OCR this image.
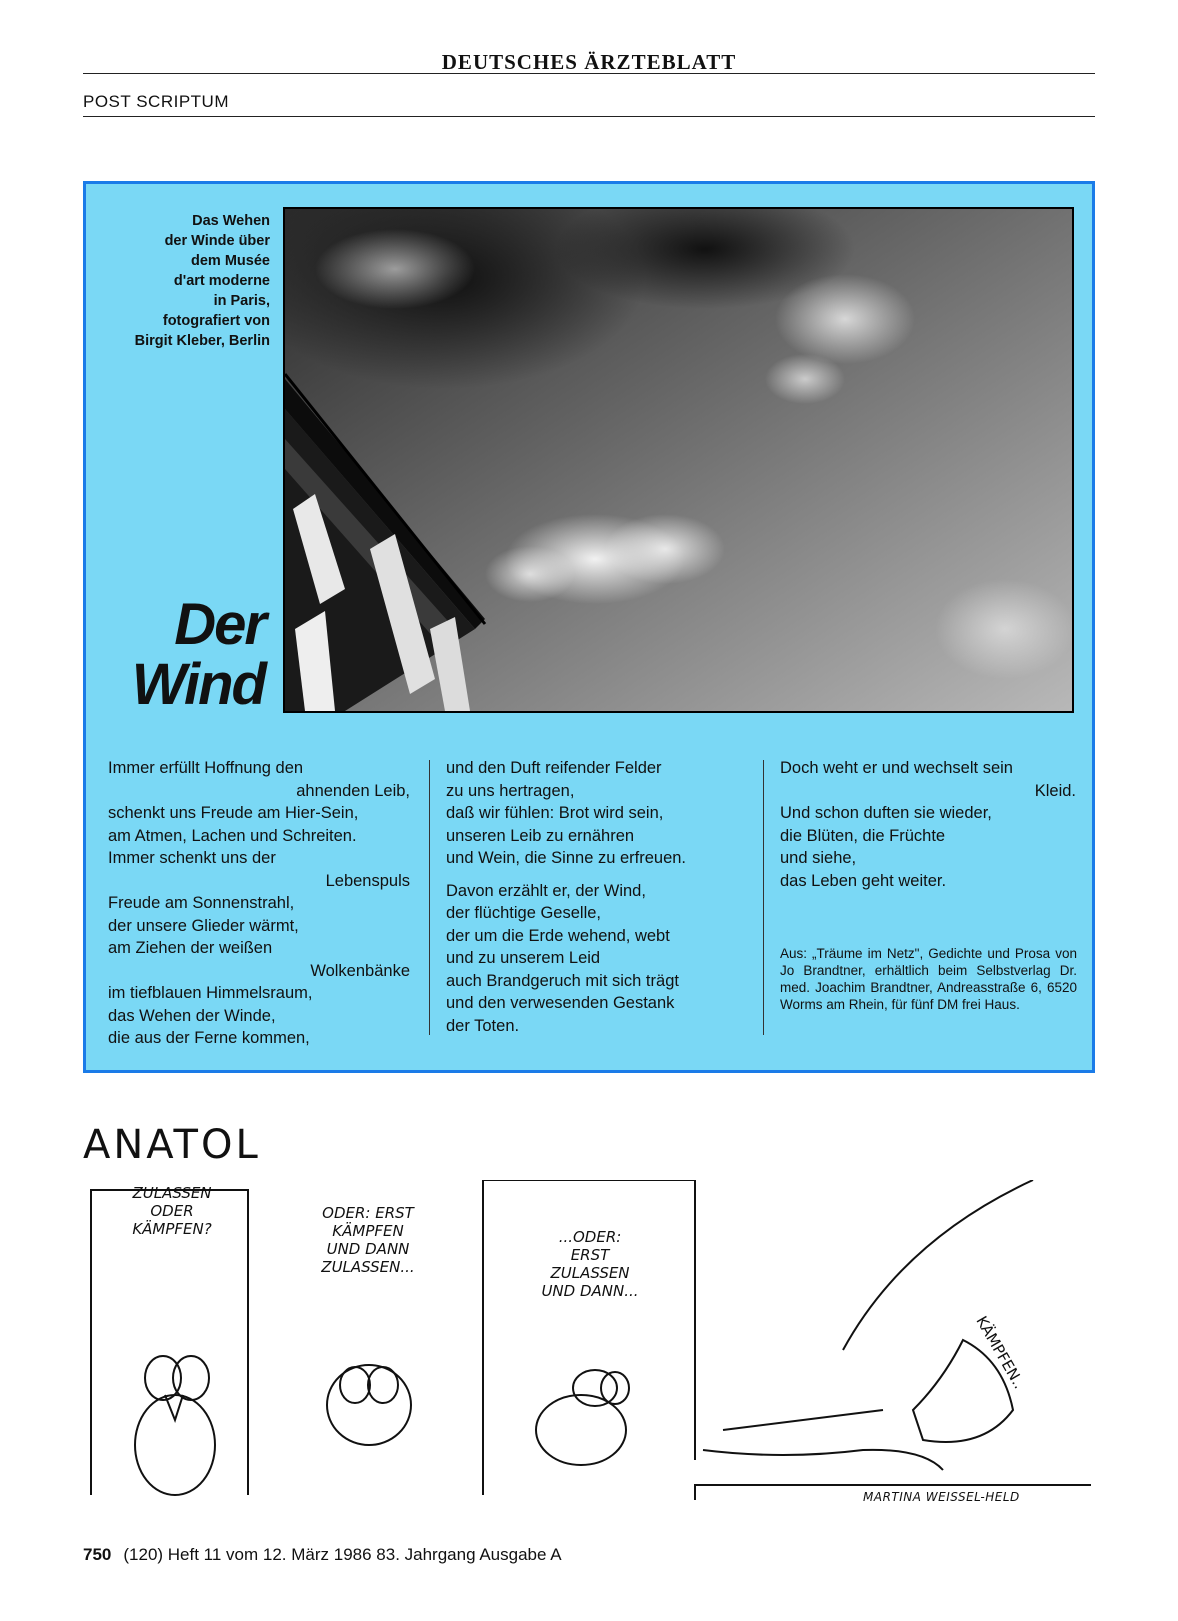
DEUTSCHES ÄRZTEBLATT
POST SCRIPTUM
Das Wehen
der Winde über
dem Musée
d'art moderne
in Paris,
fotografiert von
Birgit Kleber, Berlin
Der
Wind
Immer erfüllt Hoffnung den
ahnenden Leib,
schenkt uns Freude am Hier-Sein,
am Atmen, Lachen und Schreiten.
Immer schenkt uns der
Lebenspuls
Freude am Sonnenstrahl,
der unsere Glieder wärmt,
am Ziehen der weißen
Wolkenbänke
im tiefblauen Himmelsraum,
das Wehen der Winde,
die aus der Ferne kommen,
und den Duft reifender Felder
zu uns hertragen,
daß wir fühlen: Brot wird sein,
unseren Leib zu ernähren
und Wein, die Sinne zu erfreuen.
Davon erzählt er, der Wind,
der flüchtige Geselle,
der um die Erde wehend, webt
und zu unserem Leid
auch Brandgeruch mit sich trägt
und den verwesenden Gestank
der Toten.
Doch weht er und wechselt sein
Kleid.
Und schon duften sie wieder,
die Blüten, die Früchte
und siehe,
das Leben geht weiter.
Aus: „Träume im Netz", Gedichte und Prosa von Jo Brandtner, erhältlich beim Selbstverlag Dr. med. Joachim Brandtner, Andreasstraße 6, 6520 Worms am Rhein, für fünf DM frei Haus.
ANATOL
ZULASSEN
ODER
KÄMPFEN?
ODER: ERST
KÄMPFEN
UND DANN
ZULASSEN...
...ODER:
ERST
ZULASSEN
UND DANN...
KÄMPFEN..
MARTINA WEISSEL-HELD
750 (120) Heft 11 vom 12. März 1986 83. Jahrgang Ausgabe A
